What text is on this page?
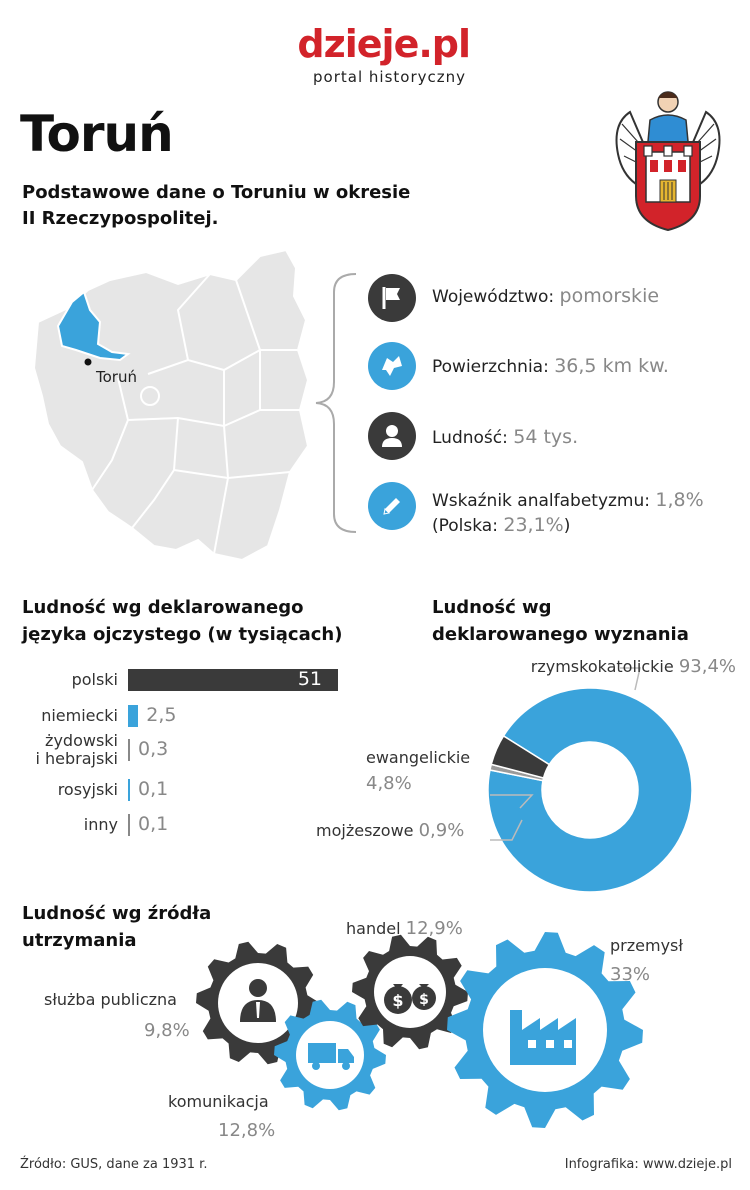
dzieje.pl
portal historyczny
Toruń
Podstawowe dane o Toruniu w okresie
II Rzeczypospolitej.
Toruń
Województwo: pomorskie
Powierzchnia: 36,5 km kw.
Ludność: 54 tys.
Wskaźnik analfabetyzmu: 1,8%
(Polska: 23,1%)
Ludność wg deklarowanego
języka ojczystego (w tysiącach)
polski	51
niemiecki 2,5
żydowski
i hebrajski 0,3
rosyjski 0,1
inny 0,1
Ludność wg
deklarowanego wyznania
rzymskokatolickie 93,4%
ewangelickie
4,8%
mojżeszowe 0,9%
Ludność wg źródła
utrzymania
$ $
służba publiczna
9,8%
komunikacja
12,8%
handel 12,9%
przemysł
33%
Źródło: GUS, dane za 1931 r.	Infografika: www.dzieje.pl
